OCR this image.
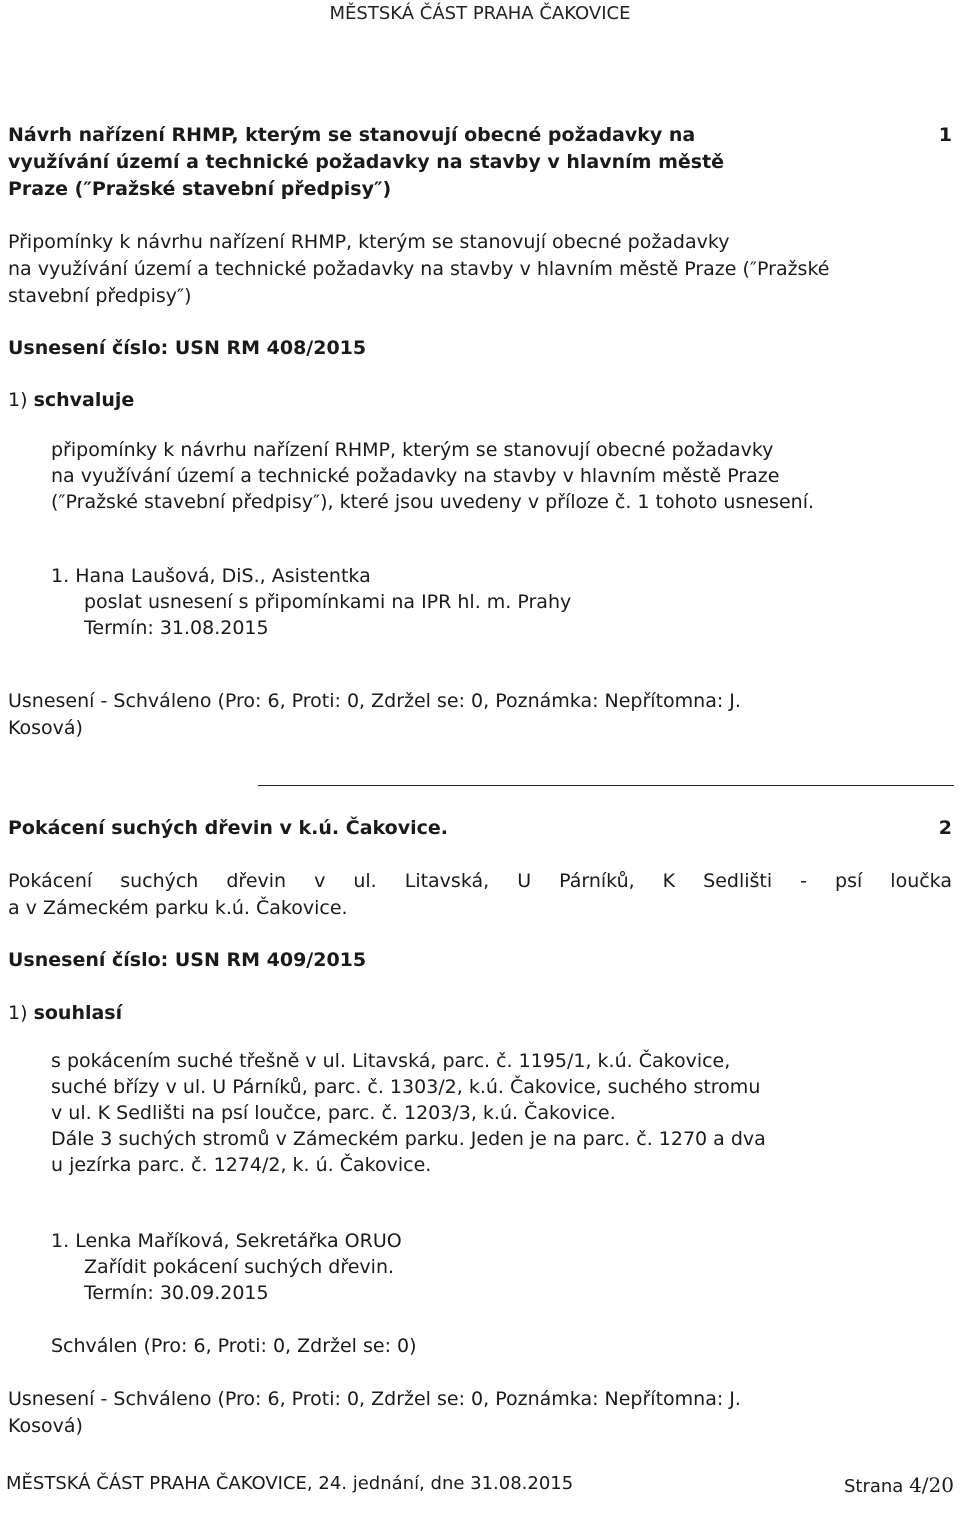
MĚSTSKÁ ČÁST PRAHA ČAKOVICE
Návrh nařízení RHMP, kterým se stanovují obecné požadavky na
využívání území a technické požadavky na stavby v hlavním městě
Praze (″Pražské stavební předpisy″)
1
Připomínky k návrhu nařízení RHMP, kterým se stanovují obecné požadavky
na využívání území a technické požadavky na stavby v hlavním městě Praze (″Pražské
stavební předpisy″)
Usnesení číslo: USN RM 408/2015
1) schvaluje
připomínky k návrhu nařízení RHMP, kterým se stanovují obecné požadavky
na využívání území a technické požadavky na stavby v hlavním městě Praze
(″Pražské stavební předpisy″), které jsou uvedeny v příloze č. 1 tohoto usnesení.
1. Hana Laušová, DiS., Asistentka
poslat usnesení s připomínkami na IPR hl. m. Prahy
Termín: 31.08.2015
Usnesení - Schváleno (Pro: 6, Proti: 0, Zdržel se: 0, Poznámka: Nepřítomna: J.
Kosová)
Pokácení suchých dřevin v k.ú. Čakovice.	2
Pokácení suchých dřevin v ul. Litavská, U Párníků, K Sedlišti - psí loučka
a v Zámeckém parku k.ú. Čakovice.
Usnesení číslo: USN RM 409/2015
1) souhlasí
s pokácením suché třešně v ul. Litavská, parc. č. 1195/1, k.ú. Čakovice,
suché břízy v ul. U Párníků, parc. č. 1303/2, k.ú. Čakovice, suchého stromu
v ul. K Sedlišti na psí loučce, parc. č. 1203/3, k.ú. Čakovice.
Dále 3 suchých stromů v Zámeckém parku. Jeden je na parc. č. 1270 a dva
u jezírka parc. č. 1274/2, k. ú. Čakovice.
1. Lenka Maříková, Sekretářka ORUO
Zařídit pokácení suchých dřevin.
Termín: 30.09.2015
Schválen (Pro: 6, Proti: 0, Zdržel se: 0)
Usnesení - Schváleno (Pro: 6, Proti: 0, Zdržel se: 0, Poznámka: Nepřítomna: J.
Kosová)
MĚSTSKÁ ČÁST PRAHA ČAKOVICE, 24. jednání, dne 31.08.2015	Strana 4/20
